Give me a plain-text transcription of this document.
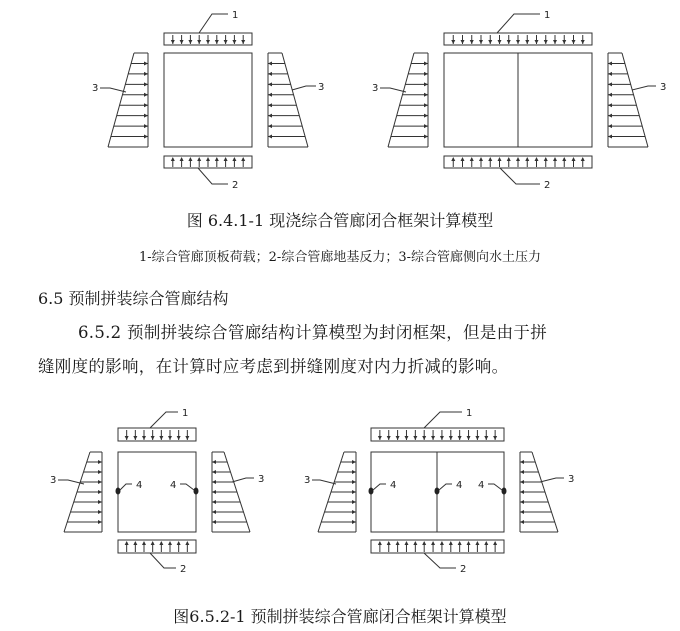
1
2
3	3
1
2
3	3
图 6.4.1-1 现浇综合管廊闭合框架计算模型
1-综合管廊顶板荷载；2-综合管廊地基反力；3-综合管廊侧向水土压力
6.5 预制拼装综合管廊结构
6.5.2 预制拼装综合管廊结构计算模型为封闭框架，但是由于拼
缝刚度的影响，在计算时应考虑到拼缝刚度对内力折减的影响。
1
2
3	3
4	4
1
2
3	3
4	4 4
图6.5.2-1 预制拼装综合管廊闭合框架计算模型
